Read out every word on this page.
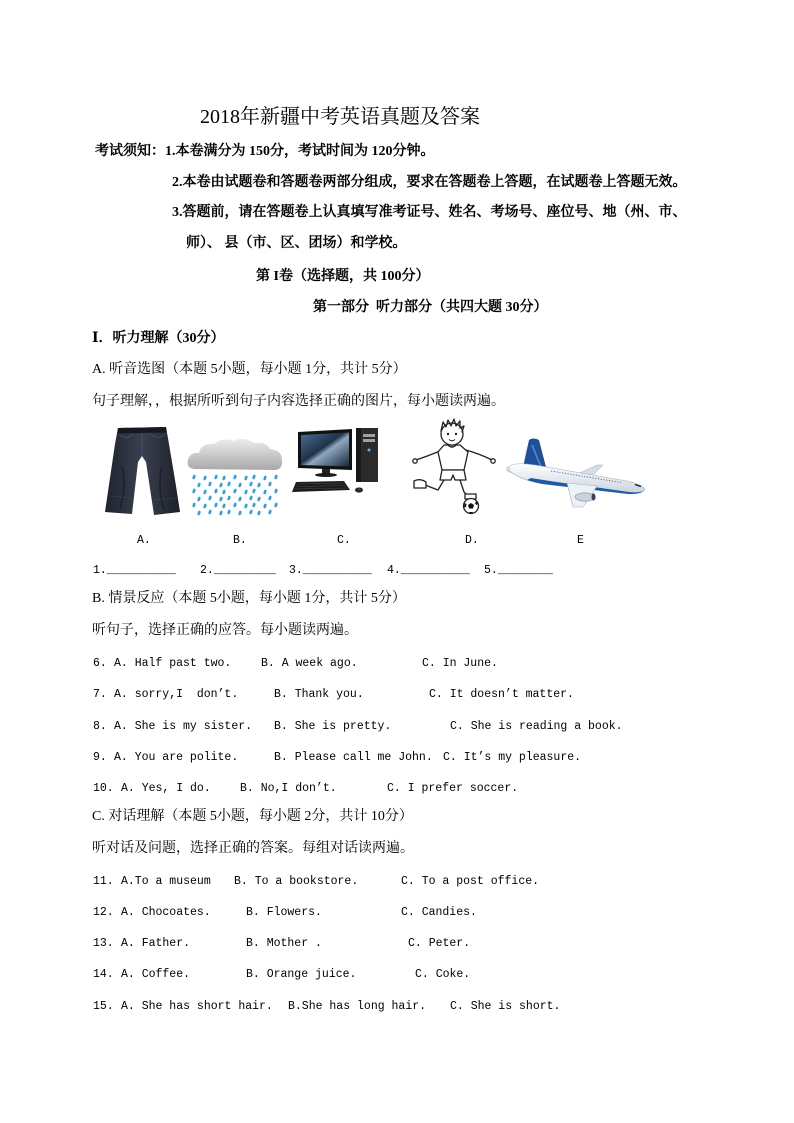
2018年新疆中考英语真题及答案
考试须知：1.本卷满分为 150分，考试时间为 120分钟。
2.本卷由试题卷和答题卷两部分组成，要求在答题卷上答题，在试题卷上答题无效。
3.答题前，请在答题卷上认真填写准考证号、姓名、考场号、座位号、地（州、市、
师）、 县（市、区、团场）和学校。
第 I卷（选择题，共 100分）
第一部分  听力部分（共四大题 30分）
Ⅰ．听力理解（30分）
A. 听音选图（本题 5小题，每小题 1分，共计 5分）
句子理解，，根据所听到句子内容选择正确的图片，每小题读两遍。
A.	B.	C.	D.	E
1.__________ 2._________ 3.__________ 4.__________ 5.________
B. 情景反应（本题 5小题，每小题 1分，共计 5分）
听句子，选择正确的应答。每小题读两遍。
6. A. Half past two.	B. A week ago.	C. In June.
7. A. sorry,I  don’t.	B. Thank you.	C. It doesn’t matter.
8. A. She is my sister. B. She is pretty.	C. She is reading a book.
9. A. You are polite.	B. Please call me John. C. It’s my pleasure.
10. A. Yes, I do.	B. No,I don’t.	C. I prefer soccer.
C. 对话理解（本题 5小题，每小题 2分，共计 10分）
听对话及问题，选择正确的答案。每组对话读两遍。
11. A.To a museum B. To a bookstore.	C. To a post office.
12. A. Chocoates.	B. Flowers.	C. Candies.
13. A. Father.	B. Mother .	C. Peter.
14. A. Coffee.	B. Orange juice.	C. Coke.
15. A. She has short hair. B.She has long hair. C. She is short.
